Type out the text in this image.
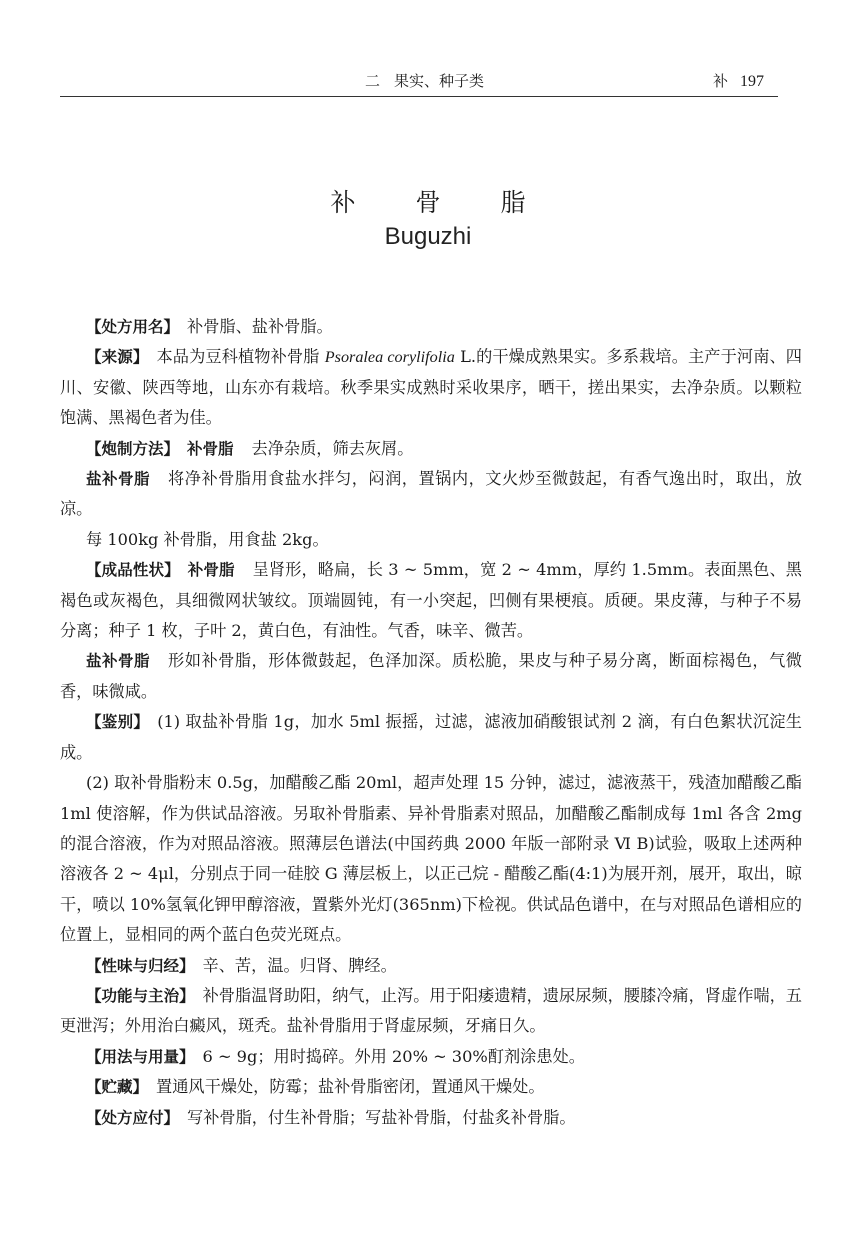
二 果实、种子类	补 197
补 骨 脂
Buguzhi

【处方用名】 补骨脂、盐补骨脂。

【来源】 本品为豆科植物补骨脂 Psoralea corylifolia L.的干燥成熟果实。多系栽培。主产于河南、四川、安徽、陕西等地，山东亦有栽培。秋季果实成熟时采收果序，晒干，搓出果实，去净杂质。以颗粒饱满、黑褐色者为佳。

【炮制方法】 补骨脂 去净杂质，筛去灰屑。

盐补骨脂 将净补骨脂用食盐水拌匀，闷润，置锅内，文火炒至微鼓起，有香气逸出时，取出，放凉。

每 100kg 补骨脂，用食盐 2kg。

【成品性状】 补骨脂 呈肾形，略扁，长 3 ~ 5mm，宽 2 ~ 4mm，厚约 1.5mm。表面黑色、黑褐色或灰褐色，具细微网状皱纹。顶端圆钝，有一小突起，凹侧有果梗痕。质硬。果皮薄，与种子不易分离；种子 1 枚，子叶 2，黄白色，有油性。气香，味辛、微苦。

盐补骨脂 形如补骨脂，形体微鼓起，色泽加深。质松脆，果皮与种子易分离，断面棕褐色，气微香，味微咸。

【鉴别】 (1) 取盐补骨脂 1g，加水 5ml 振摇，过滤，滤液加硝酸银试剂 2 滴，有白色絮状沉淀生成。

(2) 取补骨脂粉末 0.5g，加醋酸乙酯 20ml，超声处理 15 分钟，滤过，滤液蒸干，残渣加醋酸乙酯 1ml 使溶解，作为供试品溶液。另取补骨脂素、异补骨脂素对照品，加醋酸乙酯制成每 1ml 各含 2mg 的混合溶液，作为对照品溶液。照薄层色谱法(中国药典 2000 年版一部附录 Ⅵ B)试验，吸取上述两种溶液各 2 ~ 4μl，分别点于同一硅胶 G 薄层板上，以正己烷 - 醋酸乙酯(4:1)为展开剂，展开，取出，晾干，喷以 10%氢氧化钾甲醇溶液，置紫外光灯(365nm)下检视。供试品色谱中，在与对照品色谱相应的位置上，显相同的两个蓝白色荧光斑点。

【性味与归经】 辛、苦，温。归肾、脾经。

【功能与主治】 补骨脂温肾助阳，纳气，止泻。用于阳痿遗精，遗尿尿频，腰膝冷痛，肾虚作喘，五更泄泻；外用治白癜风，斑秃。盐补骨脂用于肾虚尿频，牙痛日久。

【用法与用量】 6 ~ 9g；用时捣碎。外用 20% ~ 30%酊剂涂患处。

【贮藏】 置通风干燥处，防霉；盐补骨脂密闭，置通风干燥处。

【处方应付】 写补骨脂，付生补骨脂；写盐补骨脂，付盐炙补骨脂。
